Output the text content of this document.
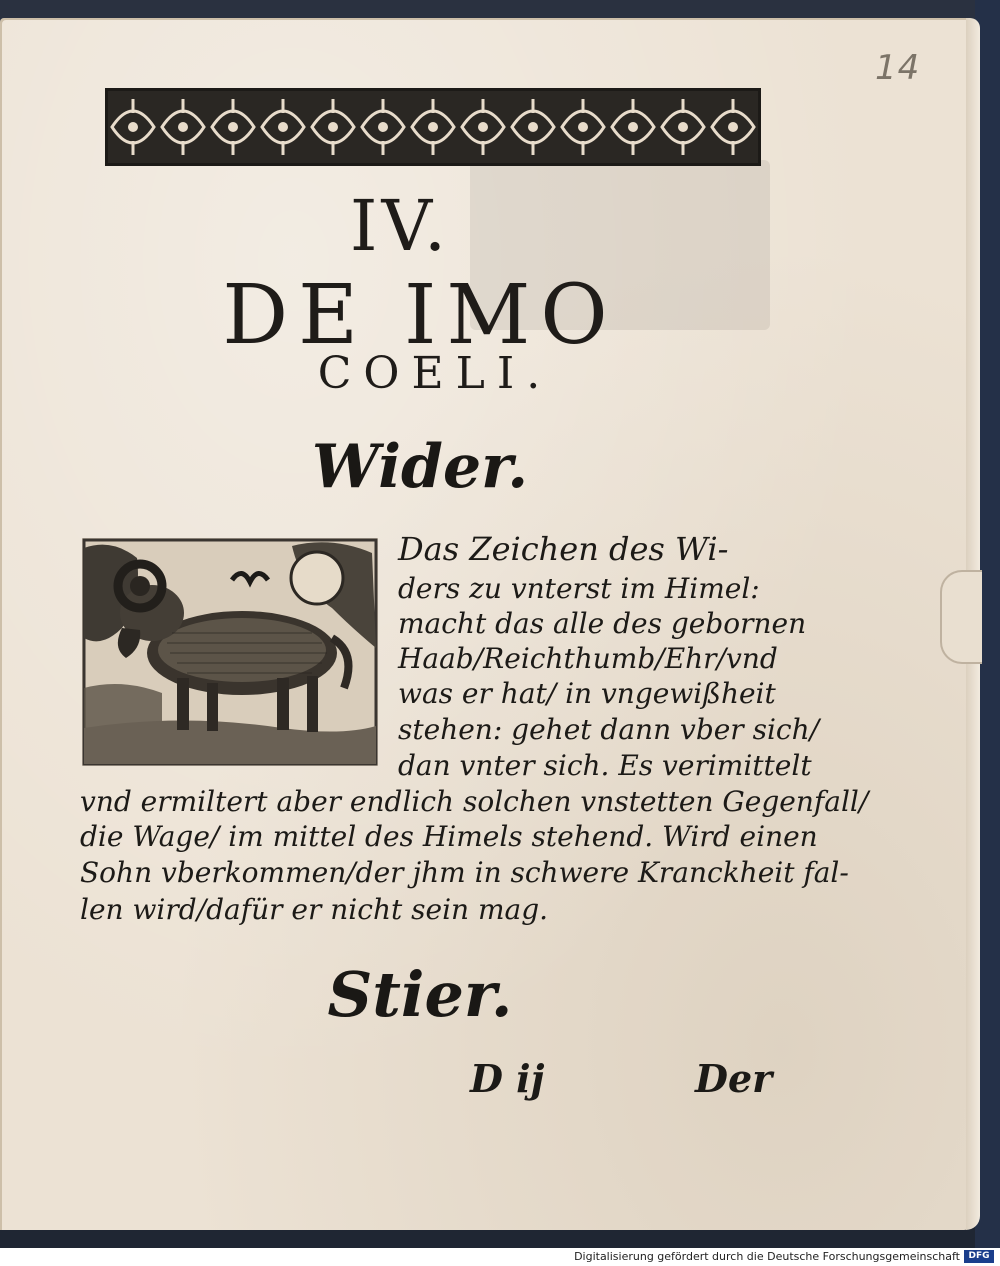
14
IV.
DE IMO
COELI.
Wider.
Das Zeichen des Wi-
ders zu vnterst im Himel:
macht das alle des gebornen
Haab/Reichthumb/Ehr/vnd
was er hat/ in vngewißheit
stehen: gehet dann vber sich/
dan vnter sich. Es verimittelt
vnd ermiltert aber endlich solchen vnstetten Gegenfall/
die Wage/ im mittel des Himels stehend. Wird einen
Sohn vberkommen/der jhm in schwere Kranckheit fal-
len wird/dafür er nicht sein mag.
Stier.
D ij	Der
Digitalisierung gefördert durch die Deutsche Forschungsgemeinschaft DFG
